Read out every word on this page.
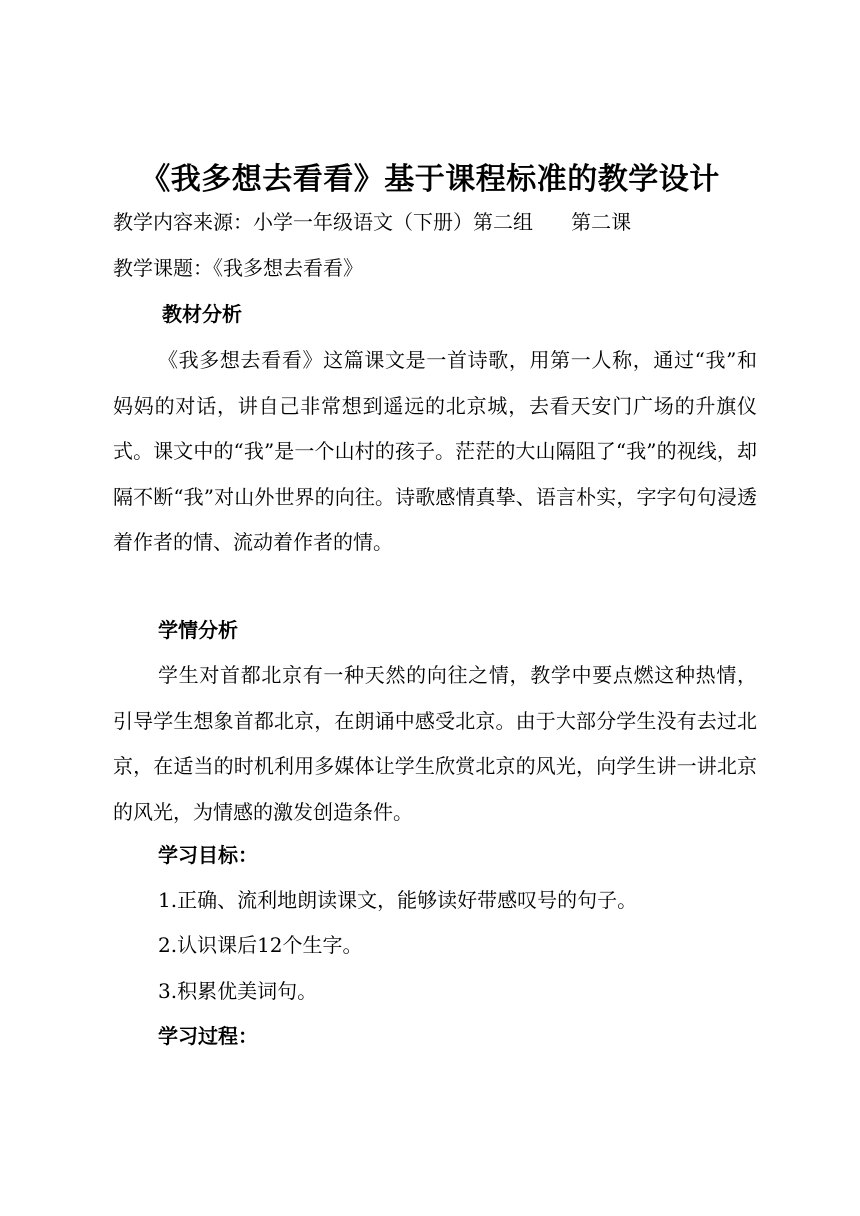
《我多想去看看》基于课程标准的教学设计
教学内容来源：小学一年级语文（下册）第二组      第二课
教学课题：《我多想去看看》
教材分析

《我多想去看看》这篇课文是一首诗歌，用第一人称，通过“我”和妈妈的对话，讲自己非常想到遥远的北京城，去看天安门广场的升旗仪式。课文中的“我”是一个山村的孩子。茫茫的大山隔阻了“我”的视线，却隔不断“我”对山外世界的向往。诗歌感情真挚、语言朴实，字字句句浸透着作者的情、流动着作者的情。

学情分析

学生对首都北京有一种天然的向往之情，教学中要点燃这种热情，引导学生想象首都北京，在朗诵中感受北京。由于大部分学生没有去过北京，在适当的时机利用多媒体让学生欣赏北京的风光，向学生讲一讲北京的风光，为情感的激发创造条件。

学习目标：
1.正确、流利地朗读课文，能够读好带感叹号的句子。
2.认识课后12个生字。
3.积累优美词句。
学习过程：
